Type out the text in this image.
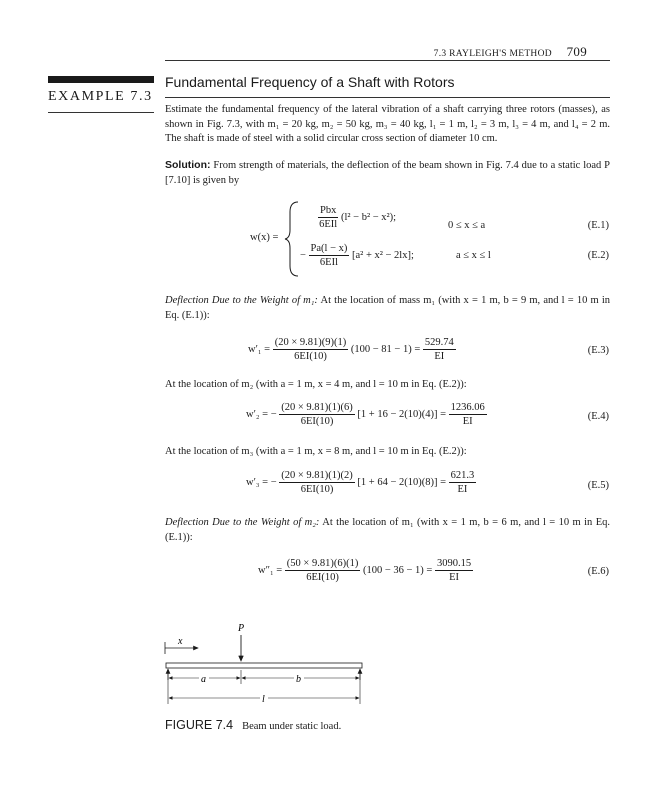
7.3 RAYLEIGH'S METHOD 709
EXAMPLE 7.3
Fundamental Frequency of a Shaft with Rotors
Estimate the fundamental frequency of the lateral vibration of a shaft carrying three rotors (masses), as shown in Fig. 7.3, with m₁ = 20 kg, m₂ = 50 kg, m₃ = 40 kg, l₁ = 1 m, l₂ = 3 m, l₃ = 4 m, and l₄ = 2 m. The shaft is made of steel with a solid circular cross section of diameter 10 cm.
Solution: From strength of materials, the deflection of the beam shown in Fig. 7.4 due to a static load P [7.10] is given by
w(x) =
$\frac{\text{Pbx}}{\text{6EIl}} (l^2 - b^2 - x^2)$;
0 ≤ x ≤ a	(E.1)
− $\frac{Pa(l - x)}{\text{6EIl}} [a^2 + x^2 - 2lx]$;	a ≤ x ≤ l	(E.2)
Deflection Due to the Weight of m₁: At the location of mass m₁ (with x = 1 m, b = 9 m, and l = 10 m in Eq. (E.1)):
$w'_1 = \frac{(20 \times 9.81)(9)(1)}{6EI(10)} (100 - 81 - 1) = \frac{529.74}{EI}$	(E.3)
At the location of m₂ (with a = 1 m, x = 4 m, and l = 10 m in Eq. (E.2)):
w′₂ = − $\frac{(20 \times 9.81)(1)(6)}{6EI(10)} [1 + 16 - 2(10)(4)] = \frac{1236.06}{EI}$	(E.4)
At the location of m₃ (with a = 1 m, x = 8 m, and l = 10 m in Eq. (E.2)):
w′₃ = − $\frac{(20 \times 9.81)(1)(2)}{6EI(10)} [1 + 64 - 2(10)(8)] = \frac{621.3}{EI}$	(E.5)
Deflection Due to the Weight of m₂: At the location of m₁ (with x = 1 m, b = 6 m, and l = 10 m in Eq. (E.1)):
$w''_1 = \frac{(50 \times 9.81)(6)(1)}{6EI(10)} (100 - 36 - 1) = \frac{3090.15}{EI}$	(E.6)
x
P
a	b
l
FIGURE 7.4 Beam under static load.
